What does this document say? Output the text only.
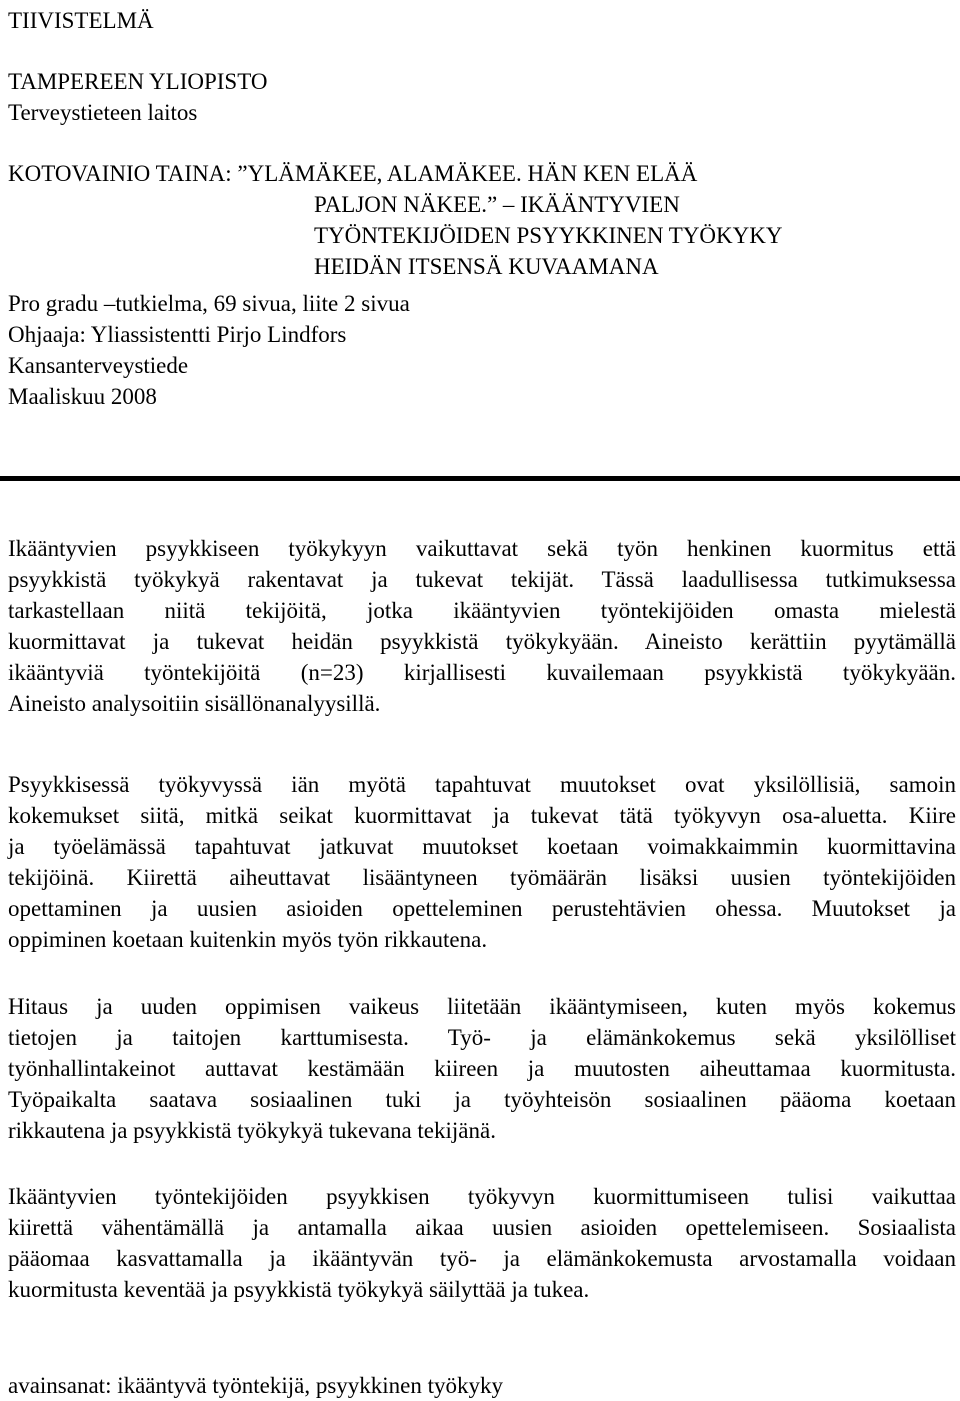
TIIVISTELMÄ
TAMPEREEN YLIOPISTO
Terveystieteen laitos
KOTOVAINIO TAINA: ”YLÄMÄKEE, ALAMÄKEE. HÄN KEN ELÄÄ
PALJON NÄKEE.” – IKÄÄNTYVIEN
TYÖNTEKIJÖIDEN PSYYKKINEN TYÖKYKY
HEIDÄN ITSENSÄ KUVAAMANA
Pro gradu –tutkielma, 69 sivua, liite 2 sivua
Ohjaaja: Yliassistentti Pirjo Lindfors
Kansanterveystiede
Maaliskuu 2008
Ikääntyvien psyykkiseen työkykyyn vaikuttavat sekä työn henkinen kuormitus että
psyykkistä työkykyä rakentavat ja tukevat tekijät. Tässä laadullisessa tutkimuksessa
tarkastellaan niitä tekijöitä, jotka ikääntyvien työntekijöiden omasta mielestä
kuormittavat ja tukevat heidän psyykkistä työkykyään. Aineisto kerättiin pyytämällä
ikääntyviä työntekijöitä (n=23) kirjallisesti kuvailemaan psyykkistä työkykyään.
Aineisto analysoitiin sisällönanalyysillä.
Psyykkisessä työkyvyssä iän myötä tapahtuvat muutokset ovat yksilöllisiä, samoin
kokemukset siitä, mitkä seikat kuormittavat ja tukevat tätä työkyvyn osa-aluetta. Kiire
ja työelämässä tapahtuvat jatkuvat muutokset koetaan voimakkaimmin kuormittavina
tekijöinä. Kiirettä aiheuttavat lisääntyneen työmäärän lisäksi uusien työntekijöiden
opettaminen ja uusien asioiden opetteleminen perustehtävien ohessa. Muutokset ja
oppiminen koetaan kuitenkin myös työn rikkautena.
Hitaus ja uuden oppimisen vaikeus liitetään ikääntymiseen, kuten myös kokemus
tietojen ja taitojen karttumisesta. Työ- ja elämänkokemus sekä yksilölliset
työnhallintakeinot auttavat kestämään kiireen ja muutosten aiheuttamaa kuormitusta.
Työpaikalta saatava sosiaalinen tuki ja työyhteisön sosiaalinen pääoma koetaan
rikkautena ja psyykkistä työkykyä tukevana tekijänä.
Ikääntyvien työntekijöiden psyykkisen työkyvyn kuormittumiseen tulisi vaikuttaa
kiirettä vähentämällä ja antamalla aikaa uusien asioiden opettelemiseen. Sosiaalista
pääomaa kasvattamalla ja ikääntyvän työ- ja elämänkokemusta arvostamalla voidaan
kuormitusta keventää ja psyykkistä työkykyä säilyttää ja tukea.
avainsanat: ikääntyvä työntekijä, psyykkinen työkyky
